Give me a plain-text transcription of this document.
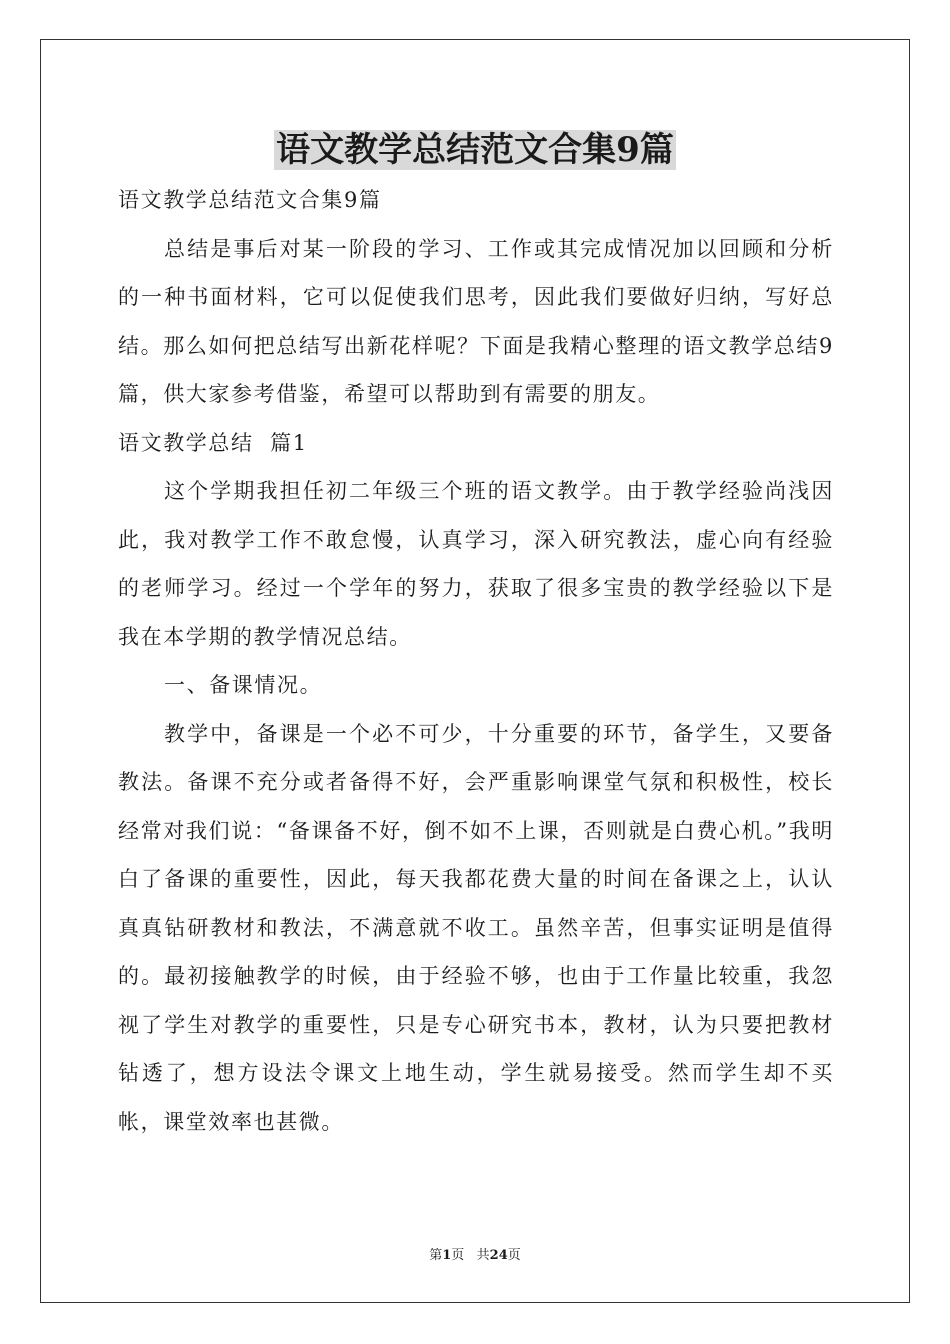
语文教学总结范文合集9篇

语文教学总结范文合集9篇

总结是事后对某一阶段的学习、工作或其完成情况加以回顾和分析的一种书面材料，它可以促使我们思考，因此我们要做好归纳，写好总结。那么如何把总结写出新花样呢？下面是我精心整理的语文教学总结9篇，供大家参考借鉴，希望可以帮助到有需要的朋友。

语文教学总结  篇1

这个学期我担任初二年级三个班的语文教学。由于教学经验尚浅因此，我对教学工作不敢怠慢，认真学习，深入研究教法，虚心向有经验的老师学习。经过一个学年的努力，获取了很多宝贵的教学经验以下是我在本学期的教学情况总结。

一、备课情况。

教学中，备课是一个必不可少，十分重要的环节，备学生，又要备教法。备课不充分或者备得不好，会严重影响课堂气氛和积极性，校长经常对我们说：“备课备不好，倒不如不上课，否则就是白费心机。”我明白了备课的重要性，因此，每天我都花费大量的时间在备课之上，认认真真钻研教材和教法，不满意就不收工。虽然辛苦，但事实证明是值得的。最初接触教学的时候，由于经验不够，也由于工作量比较重，我忽视了学生对教学的重要性，只是专心研究书本，教材，认为只要把教材钻透了，想方设法令课文上地生动，学生就易接受。然而学生却不买帐，课堂效率也甚微。

第1页   共24页
